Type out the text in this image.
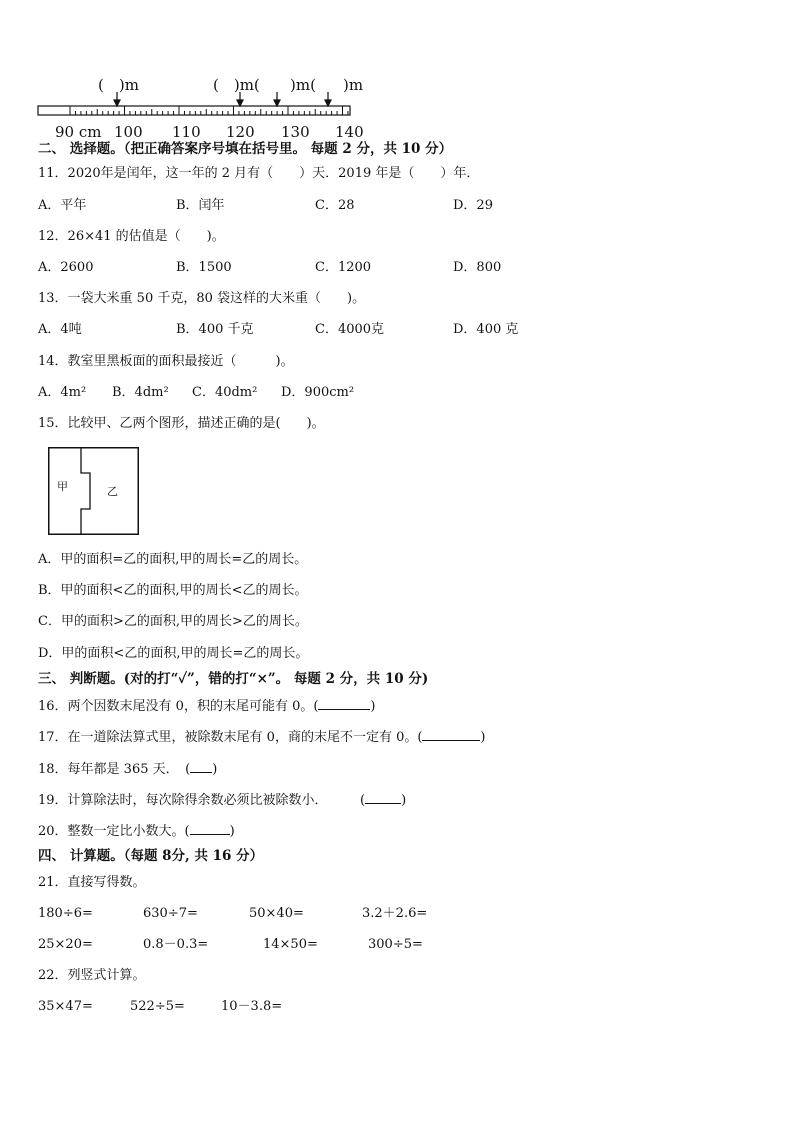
(　)m	(　)m( )m( )m
90 cm 100 110 120 130 140
二、 选择题。（把正确答案序号填在括号里。 每题 2 分，共 10 分）
11．2020年是闰年，这一年的 2 月有（　　）天．2019 年是（　　）年．
A．平年	B．闰年	C．28	D．29
12．26×41 的估值是（　　)。
A．2600	B．1500	C．1200	D．800
13．一袋大米重 50 千克，80 袋这样的大米重（　　)。
A．4吨	B．400 千克	C．4000克	D．400 克
14．教室里黑板面的面积最接近（　　　)。
A．4m² B．4dm² C．40dm² D．900cm²
15．比较甲、乙两个图形，描述正确的是(　　)。
甲	乙
A．甲的面积=乙的面积,甲的周长=乙的周长。
B．甲的面积<乙的面积,甲的周长<乙的周长。
C．甲的面积>乙的面积,甲的周长>乙的周长。
D．甲的面积<乙的面积,甲的周长=乙的周长。
三、 判断题。(对的打“✓”，错的打“×”。 每题 2 分，共 10 分)
16．两个因数末尾没有 0，积的末尾可能有 0。(	)
17．在一道除法算式里，被除数末尾有 0，商的末尾不一定有 0。(	)
18．每年都是 365 天．　( )
19．计算除法时，每次除得余数必须比被除数小．　　　(	)
20．整数一定比小数大。(	)
四、 计算题。（每题 8分, 共 16 分）
21．直接写得数。
180÷6=	630÷7=	50×40=	3.2＋2.6=
25×20=	0.8－0.3=	14×50=	300÷5=
22．列竖式计算。
35×47=	522÷5=	10－3.8=
